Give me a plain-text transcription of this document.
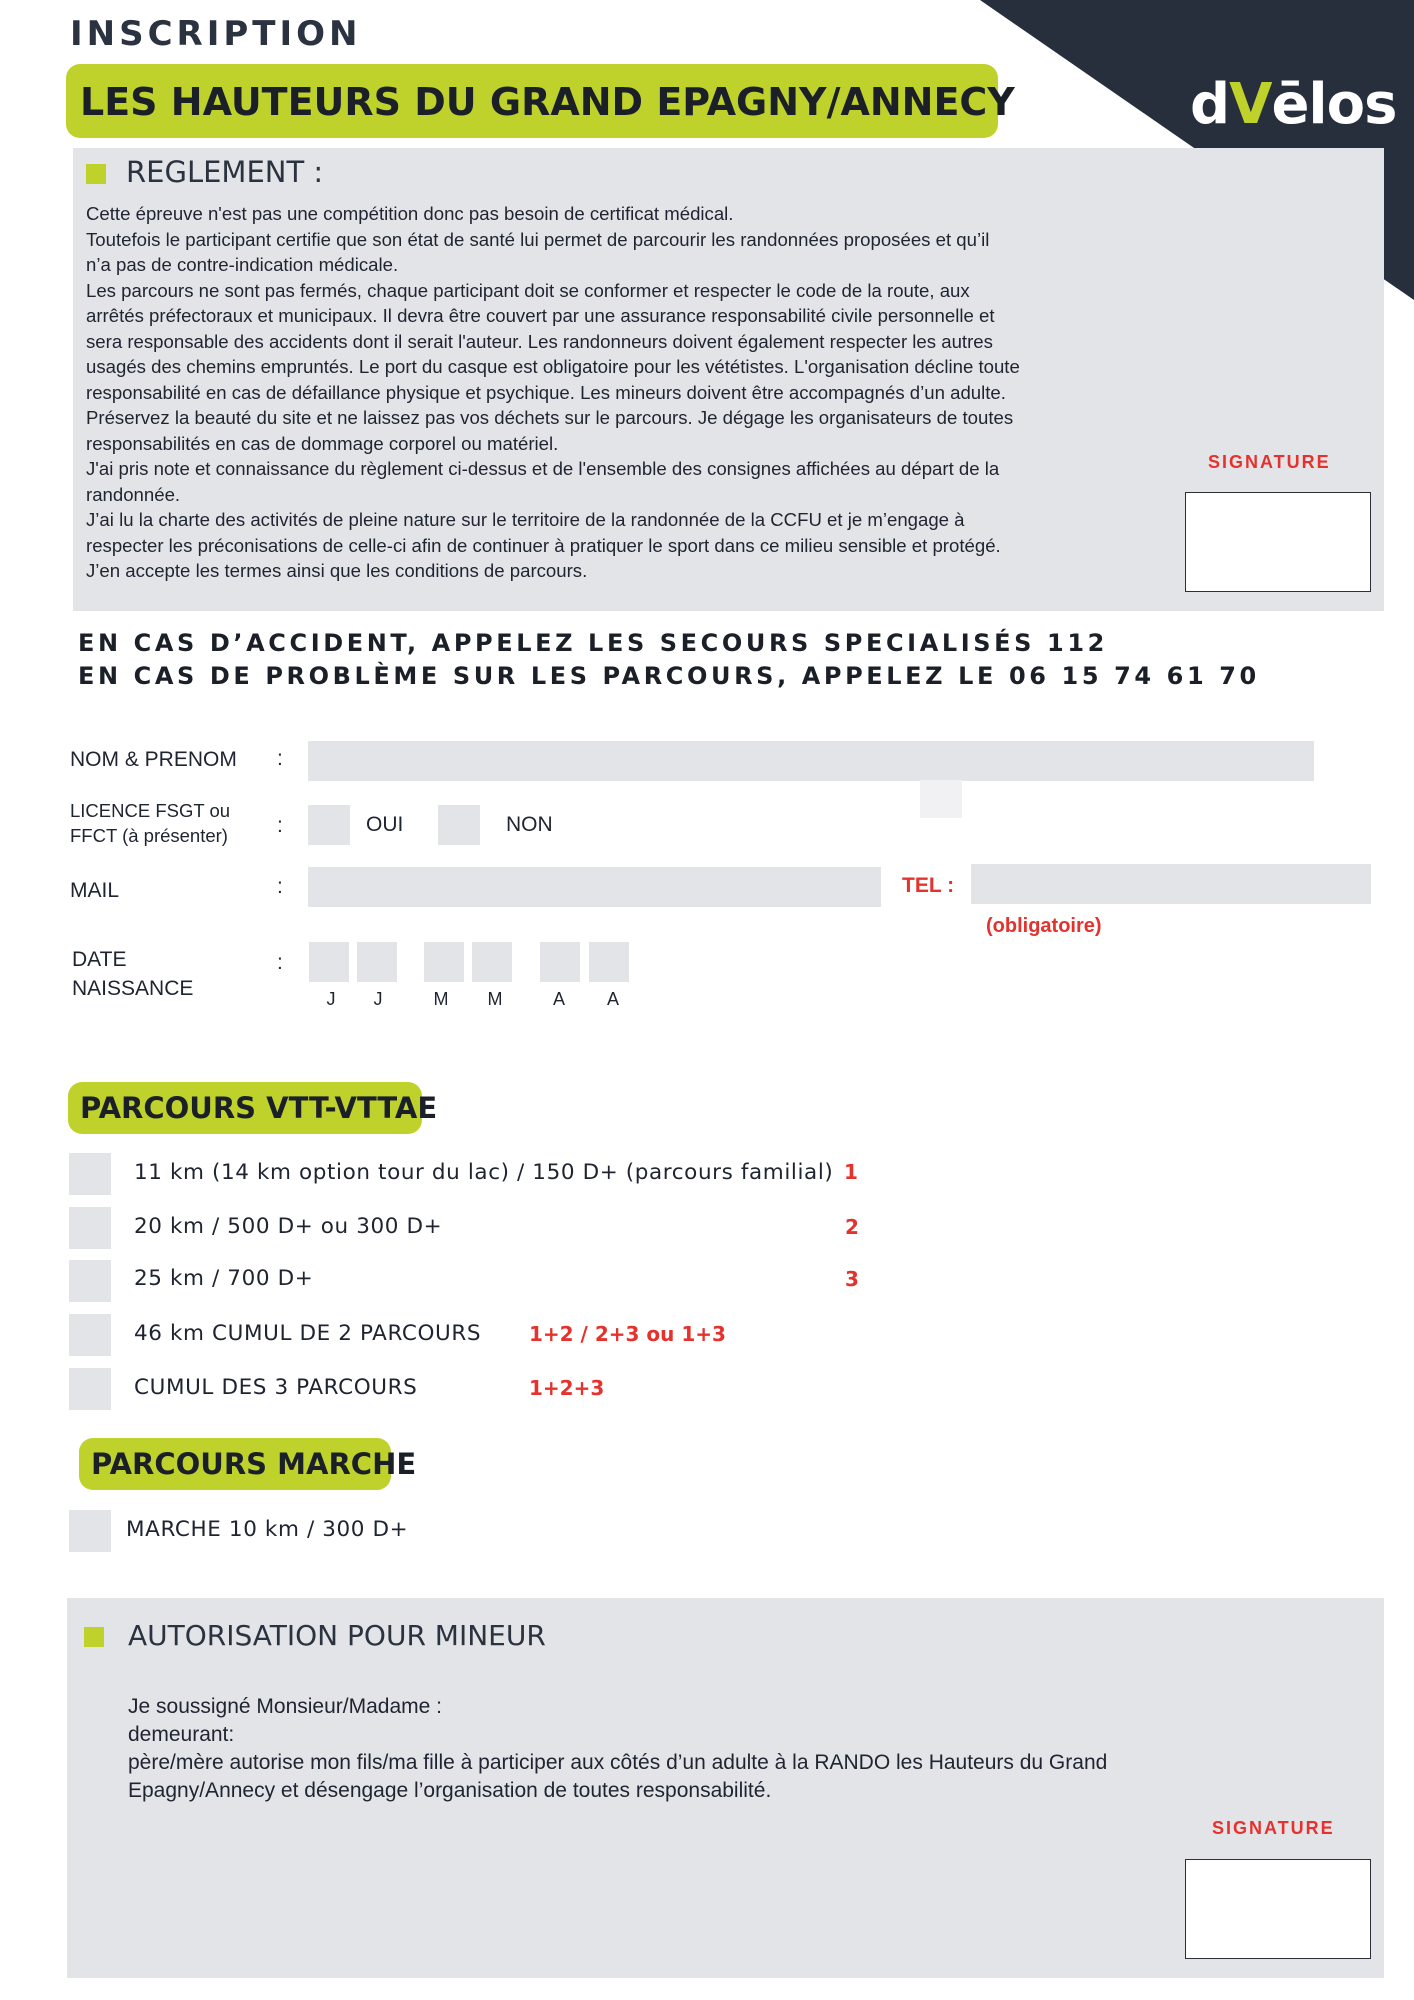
dVēlos
INSCRIPTION
LES HAUTEURS DU GRAND EPAGNY/ANNECY
REGLEMENT :

Cette épreuve n'est pas une compétition donc pas besoin de certificat médical.

Toutefois le participant certifie que son état de santé lui permet de parcourir les randonnées proposées et qu’il

n’a pas de contre-indication médicale.

Les parcours ne sont pas fermés, chaque participant doit se conformer et respecter le code de la route, aux

arrêtés préfectoraux et municipaux. Il devra être couvert par une assurance responsabilité civile personnelle et

sera responsable des accidents dont il serait l'auteur. Les randonneurs doivent également respecter les autres

usagés des chemins empruntés. Le port du casque est obligatoire pour les vététistes. L'organisation décline toute

responsabilité en cas de défaillance physique et psychique. Les mineurs doivent être accompagnés d’un adulte.

Préservez la beauté du site et ne laissez pas vos déchets sur le parcours. Je dégage les organisateurs de toutes

responsabilités en cas de dommage corporel ou matériel.

J'ai pris note et connaissance du règlement ci-dessus et de l'ensemble des consignes affichées au départ de la

randonnée.

J’ai lu la charte des activités de pleine nature sur le territoire de la randonnée de la CCFU et je m’engage à

respecter les préconisations de celle-ci afin de continuer à pratiquer le sport dans ce milieu sensible et protégé.

J’en accepte les termes ainsi que les conditions de parcours.

SIGNATURE
EN CAS D’ACCIDENT, APPELEZ LES SECOURS SPECIALISÉS 112
EN CAS DE PROBLÈME SUR LES PARCOURS, APPELEZ LE 06 15 74 61 70
NOM & PRENOM :
LICENCE FSGT ou
FFCT (à présenter) :	OUI	NON
MAIL	:	TEL :
(obligatoire)
DATE
NAISSANCE
:
J	J	M	M	A	A
PARCOURS VTT-VTTAE
11 km (14 km option tour du lac) / 150 D+ (parcours familial) 1
20 km / 500 D+ ou 300 D+	2
25 km / 700 D+	3
46 km CUMUL DE 2 PARCOURS 1+2 / 2+3 ou 1+3
CUMUL DES 3 PARCOURS	1+2+3
PARCOURS MARCHE
MARCHE 10 km / 300 D+
AUTORISATION POUR MINEUR

Je soussigné Monsieur/Madame :

demeurant:

père/mère autorise mon fils/ma fille à participer aux côtés d’un adulte à la RANDO les Hauteurs du Grand

Epagny/Annecy et désengage l’organisation de toutes responsabilité.

SIGNATURE
